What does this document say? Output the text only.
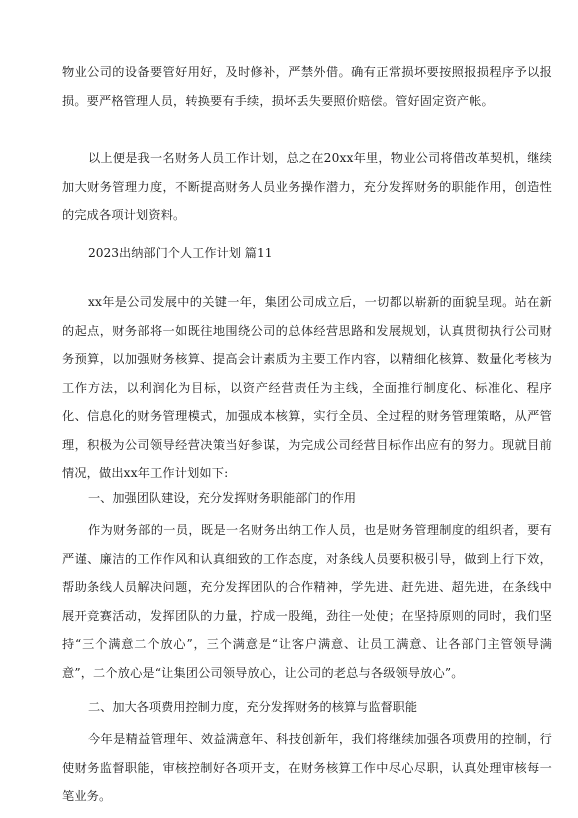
物业公司的设备要管好用好，及时修补，严禁外借。确有正常损坏要按照报损程序予以报损。要严格管理人员，转换要有手续，损坏丢失要照价赔偿。管好固定资产帐。

以上便是我一名财务人员工作计划，总之在20xx年里，物业公司将借改革契机，继续加大财务管理力度，不断提高财务人员业务操作潜力，充分发挥财务的职能作用，创造性的完成各项计划资料。

2023出纳部门个人工作计划 篇11

xx年是公司发展中的关键一年，集团公司成立后，一切都以崭新的面貌呈现。站在新的起点，财务部将一如既往地围绕公司的总体经营思路和发展规划，认真贯彻执行公司财务预算，以加强财务核算、提高会计素质为主要工作内容，以精细化核算、数量化考核为工作方法，以利润化为目标，以资产经营责任为主线，全面推行制度化、标准化、程序化、信息化的财务管理模式，加强成本核算，实行全员、全过程的财务管理策略，从严管理，积极为公司领导经营决策当好参谋，为完成公司经营目标作出应有的努力。现就目前情况，做出xx年工作计划如下:

一、加强团队建设，充分发挥财务职能部门的作用

作为财务部的一员，既是一名财务出纳工作人员，也是财务管理制度的组织者，要有严谨、廉洁的工作作风和认真细致的工作态度，对条线人员要积极引导，做到上行下效，帮助条线人员解决问题，充分发挥团队的合作精神，学先进、赶先进、超先进，在条线中展开竞赛活动，发挥团队的力量，拧成一股绳，劲往一处使；在坚持原则的同时，我们坚持“三个满意二个放心”，三个满意是“让客户满意、让员工满意、让各部门主管领导满意”，二个放心是“让集团公司领导放心，让公司的老总与各级领导放心”。

二、加大各项费用控制力度，充分发挥财务的核算与监督职能

今年是精益管理年、效益满意年、科技创新年，我们将继续加强各项费用的控制，行使财务监督职能，审核控制好各项开支，在财务核算工作中尽心尽职，认真处理审核每一笔业务。
